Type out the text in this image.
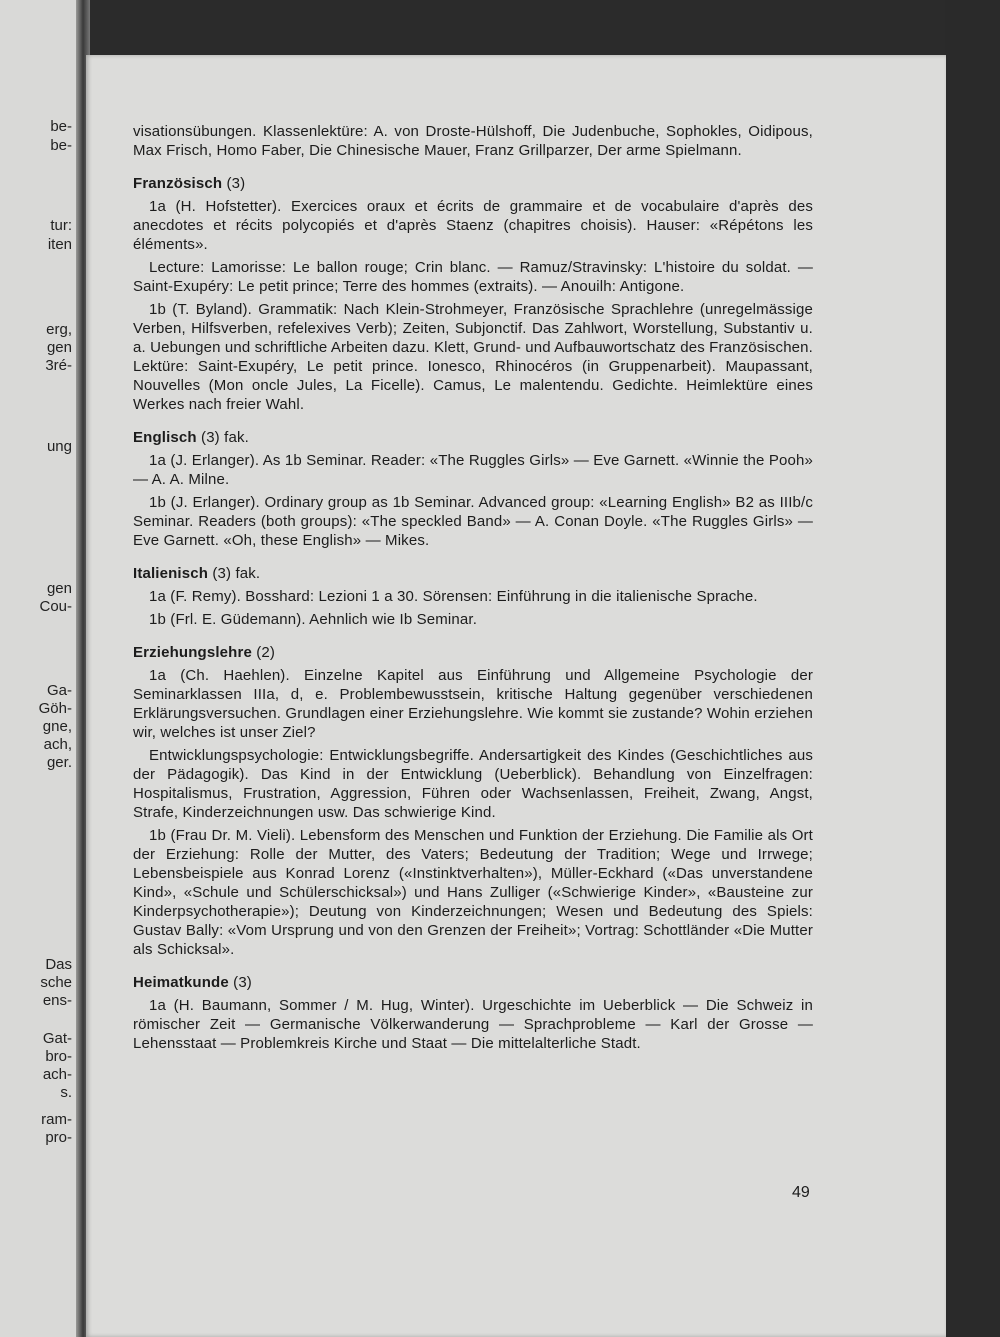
be-
be-
tur:
iten
erg,
gen
3ré-
ung
gen
Cou-
Ga-
Göh-
gne,
ach,
ger.
Das
sche
ens-
Gat-
bro-
ach-
s.
ram-
pro-

visationsübungen. Klassenlektüre: A. von Droste-Hülshoff, Die Judenbuche, Sophokles, Oidipous, Max Frisch, Homo Faber, Die Chinesische Mauer, Franz Grillparzer, Der arme Spielmann.

Französisch (3)

1a (H. Hofstetter). Exercices oraux et écrits de grammaire et de vocabulaire d'après des anecdotes et récits polycopiés et d'après Staenz (chapitres choisis). Hauser: «Répétons les éléments».

Lecture: Lamorisse: Le ballon rouge; Crin blanc. — Ramuz/Stravinsky: L'histoire du soldat. — Saint-Exupéry: Le petit prince; Terre des hommes (extraits). — Anouilh: Antigone.

1b (T. Byland). Grammatik: Nach Klein-Strohmeyer, Französische Sprachlehre (unregelmässige Verben, Hilfsverben, refelexives Verb); Zeiten, Subjonctif. Das Zahlwort, Worstellung, Substantiv u. a. Uebungen und schriftliche Arbeiten dazu. Klett, Grund- und Aufbauwortschatz des Französischen. Lektüre: Saint-Exupéry, Le petit prince. Ionesco, Rhinocéros (in Gruppenarbeit). Maupassant, Nouvelles (Mon oncle Jules, La Ficelle). Camus, Le malentendu. Gedichte. Heimlektüre eines Werkes nach freier Wahl.

Englisch (3) fak.

1a (J. Erlanger). As 1b Seminar. Reader: «The Ruggles Girls» — Eve Garnett. «Winnie the Pooh» — A. A. Milne.

1b (J. Erlanger). Ordinary group as 1b Seminar. Advanced group: «Learning English» B2 as IIIb/c Seminar. Readers (both groups): «The speckled Band» — A. Conan Doyle. «The Ruggles Girls» — Eve Garnett. «Oh, these English» — Mikes.

Italienisch (3) fak.

1a (F. Remy). Bosshard: Lezioni 1 a 30. Sörensen: Einführung in die italienische Sprache.

1b (Frl. E. Güdemann). Aehnlich wie Ib Seminar.

Erziehungslehre (2)

1a (Ch. Haehlen). Einzelne Kapitel aus Einführung und Allgemeine Psychologie der Seminarklassen IIIa, d, e. Problembewusstsein, kritische Haltung gegenüber verschiedenen Erklärungsversuchen. Grundlagen einer Erziehungslehre. Wie kommt sie zustande? Wohin erziehen wir, welches ist unser Ziel?

Entwicklungspsychologie: Entwicklungsbegriffe. Andersartigkeit des Kindes (Geschichtliches aus der Pädagogik). Das Kind in der Entwicklung (Ueberblick). Behandlung von Einzelfragen: Hospitalismus, Frustration, Aggression, Führen oder Wachsenlassen, Freiheit, Zwang, Angst, Strafe, Kinderzeichnungen usw. Das schwierige Kind.

1b (Frau Dr. M. Vieli). Lebensform des Menschen und Funktion der Erziehung. Die Familie als Ort der Erziehung: Rolle der Mutter, des Vaters; Bedeutung der Tradition; Wege und Irrwege; Lebensbeispiele aus Konrad Lorenz («Instinktverhalten»), Müller-Eckhard («Das unverstandene Kind», «Schule und Schülerschicksal») und Hans Zulliger («Schwierige Kinder», «Bausteine zur Kinderpsychotherapie»); Deutung von Kinderzeichnungen; Wesen und Bedeutung des Spiels: Gustav Bally: «Vom Ursprung und von den Grenzen der Freiheit»; Vortrag: Schottländer «Die Mutter als Schicksal».

Heimatkunde (3)

1a (H. Baumann, Sommer / M. Hug, Winter). Urgeschichte im Ueberblick — Die Schweiz in römischer Zeit — Germanische Völkerwanderung — Sprachprobleme — Karl der Grosse — Lehensstaat — Problemkreis Kirche und Staat — Die mittelalterliche Stadt.

49
